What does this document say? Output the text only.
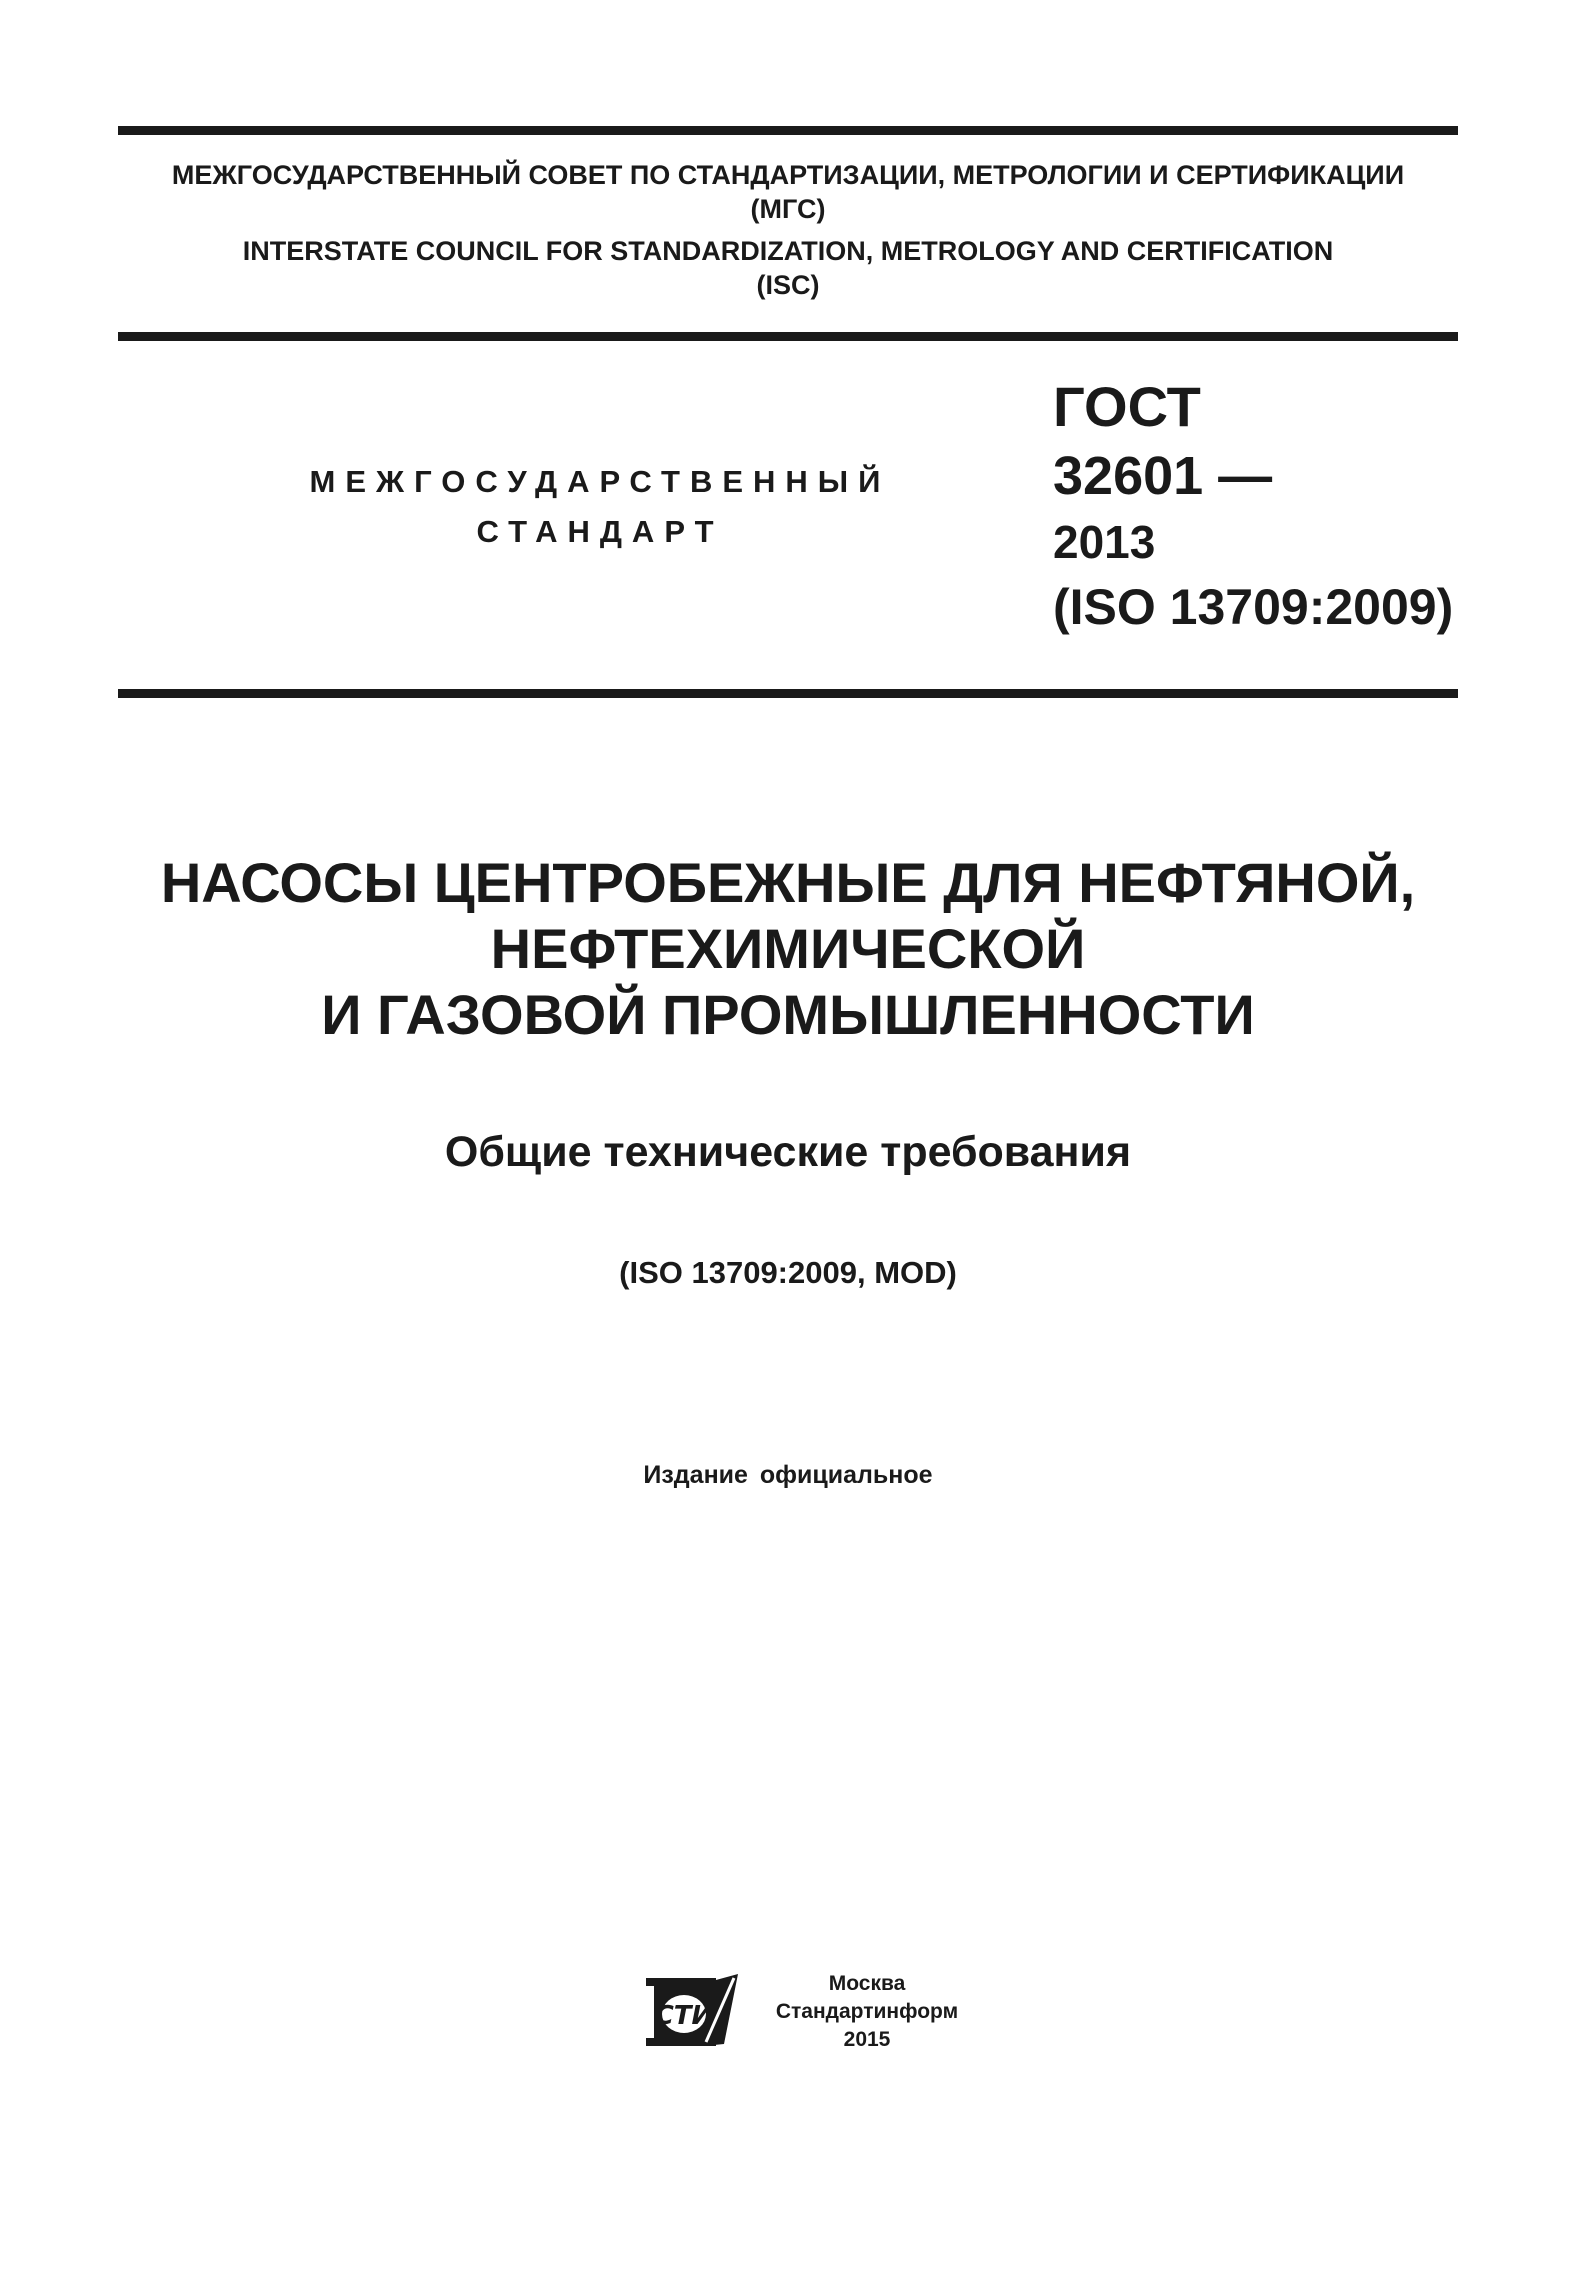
МЕЖГОСУДАРСТВЕННЫЙ СОВЕТ ПО СТАНДАРТИЗАЦИИ, МЕТРОЛОГИИ И СЕРТИФИКАЦИИ
(МГС)
INTERSTATE COUNCIL FOR STANDARDIZATION, METROLOGY AND CERTIFICATION
(ISC)
МЕЖГОСУДАРСТВЕННЫЙ
СТАНДАРТ
ГОСТ
32601 —
2013
(ISO 13709:2009)
НАСОСЫ ЦЕНТРОБЕЖНЫЕ ДЛЯ НЕФТЯНОЙ,
НЕФТЕХИМИЧЕСКОЙ
И ГАЗОВОЙ ПРОМЫШЛЕННОСТИ
Общие технические требования
(ISO 13709:2009, MOD)
Издание официальное
СТИ
Москва
Стандартинформ
2015
